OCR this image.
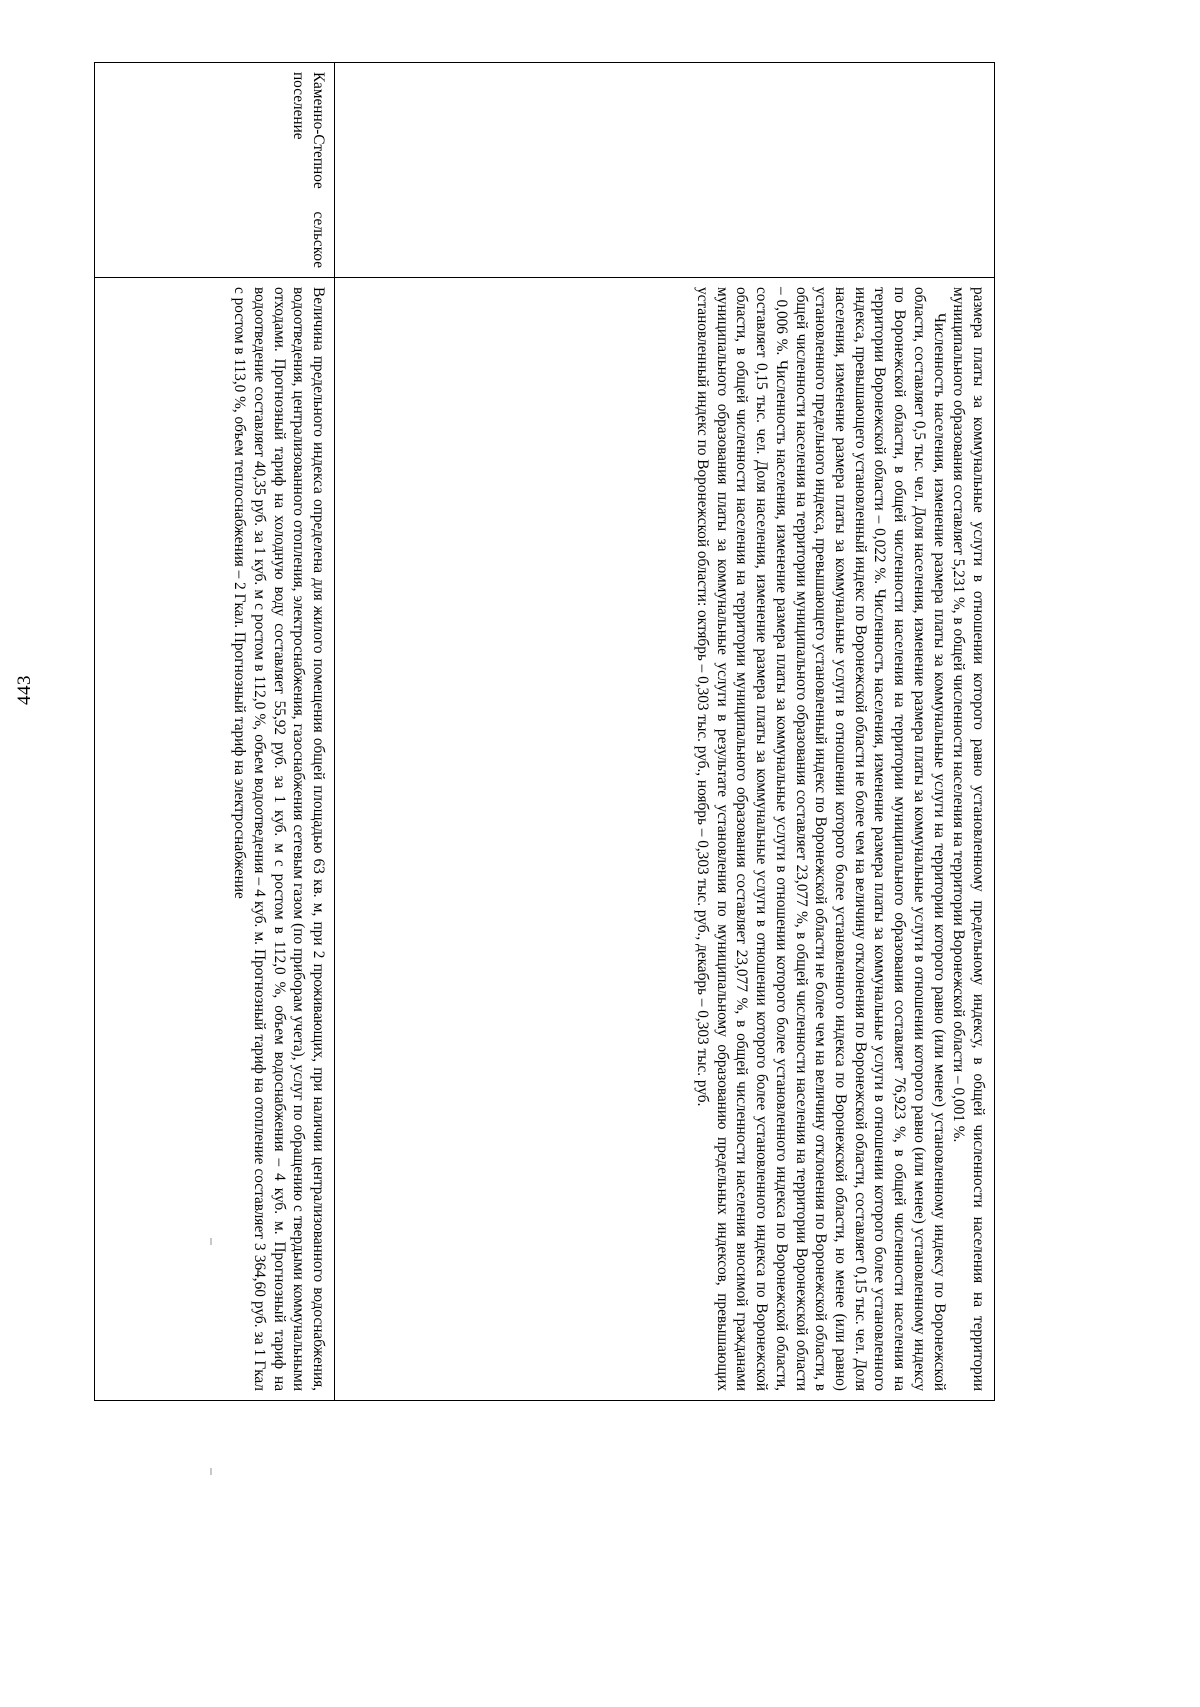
443

	размера платы за коммунальные услуги в отношении которого равно установленному предельному индексу, в общей численности населения на территории муниципального образования составляет 5,231 %, в общей численности населения на территории Воронежской области – 0,001 %.

Численность населения, изменение размера платы за коммунальные услуги на территории которого равно (или менее) установленному индексу по Воронежской области, составляет 0,5 тыс. чел. Доля населения, изменение размера платы за коммунальные услуги в отношении которого равно (или менее) установленному индексу по Воронежской области, в общей численности населения на территории муниципального образования составляет 76,923 %, в общей численности населения на территории Воронежской области – 0,022 %. Численность населения, изменение размера платы за коммунальные услуги в отношении которого более установленного индекса, превышающего установленный индекс по Воронежской области не более чем на величину отклонения по Воронежской области, составляет 0,15 тыс. чел. Доля населения, изменение размера платы за коммунальные услуги в отношении которого более установленного индекса по Воронежской области, но менее (или равно) установленного предельного индекса, превышающего установленный индекс по Воронежской области не более чем на величину отклонения по Воронежской области, в общей численности населения на территории муниципального образования составляет 23,077 %, в общей численности населения на территории Воронежской области – 0,006 %. Численность населения, изменение размера платы за коммунальные услуги в отношении которого более установленного индекса по Воронежской области, составляет 0,15 тыс. чел. Доля населения, изменение размера платы за коммунальные услуги в отношении которого более установленного индекса по Воронежской области, в общей численности населения на территории муниципального образования составляет 23,077 %, в общей численности населения вносимой гражданами муниципального образования платы за коммунальные услуги в результате установления по муниципальному образованию предельных индексов, превышающих установленный индекс по Воронежской области: октябрь – 0,303 тыс. руб., ноябрь – 0,303 тыс. руб., декабрь – 0,303 тыс. руб.

Каменно-Степное сельское поселение	Величина предельного индекса определена для жилого помещения общей площадью 63 кв. м, при 2 проживающих, при наличии централизованного водоснабжения, водоотведения, централизованного отопления, электроснабжения, газоснабжения сетевым газом (по приборам учета), услуг по обращению с твердыми коммунальными отходами. Прогнозный тариф на холодную воду составляет 55,92 руб. за 1 куб. м с ростом в 112,0 %, объем водоснабжения – 4 куб. м. Прогнозный тариф на водоотведение составляет 40,35 руб. за 1 куб. м с ростом в 112,0 %, объем водоотведения – 4 куб. м. Прогнозный тариф на отопление составляет 3 364,60 руб. за 1 Гкал с ростом в 113,0 %, объем теплоснабжения – 2 Гкал. Прогнозный тариф на электроснабжение
